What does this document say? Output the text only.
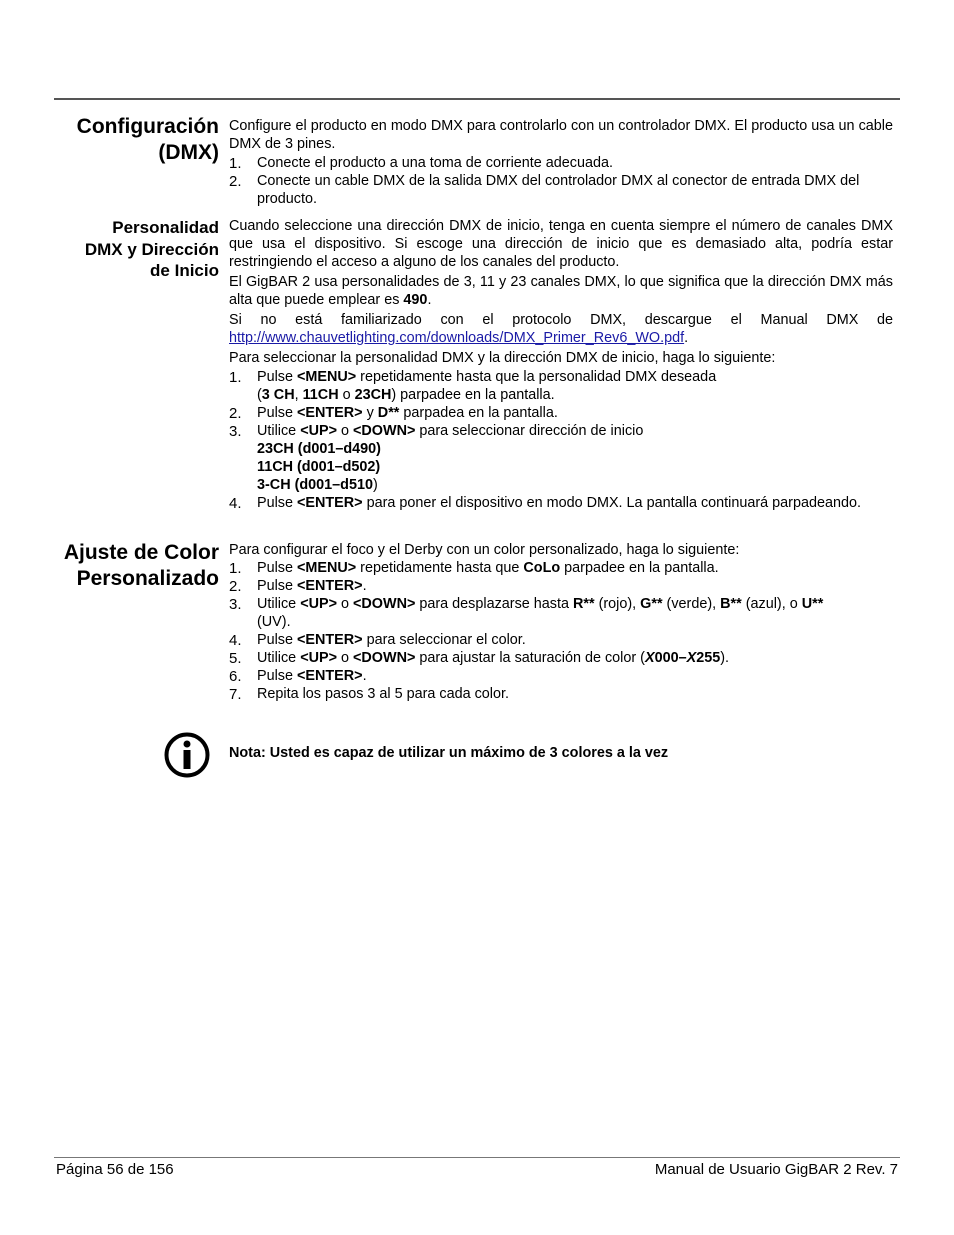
Configuración
(DMX)

Configure el producto en modo DMX para controlarlo con un controlador DMX. El producto usa un cable DMX de 3 pines.

1. Conecte el producto a una toma de corriente adecuada.
2. Conecte un cable DMX de la salida DMX del controlador DMX al conector de entrada DMX del producto.
Personalidad
DMX y Dirección
de Inicio

Cuando seleccione una dirección DMX de inicio, tenga en cuenta siempre el número de canales DMX que usa el dispositivo. Si escoge una dirección de inicio que es demasiado alta, podría estar restringiendo el acceso a alguno de los canales del producto.

El GigBAR 2 usa personalidades de 3, 11 y 23 canales DMX, lo que significa que la dirección DMX más alta que puede emplear es 490.

Si no está familiarizado con el protocolo DMX, descargue el Manual DMX de http://www.chauvetlighting.com/downloads/DMX_Primer_Rev6_WO.pdf.

Para seleccionar la personalidad DMX y la dirección DMX de inicio, haga lo siguiente:

1. Pulse <MENU> repetidamente hasta que la personalidad DMX deseada
(3 CH, 11CH o 23CH) parpadee en la pantalla.
2. Pulse <ENTER> y D** parpadea en la pantalla.
3. Utilice <UP> o <DOWN> para seleccionar dirección de inicio
23CH (d001–d490)
11CH (d001–d502)
3-CH (d001–d510)
4. Pulse <ENTER> para poner el dispositivo en modo DMX. La pantalla continuará parpadeando.
Ajuste de Color
Personalizado

Para configurar el foco y el Derby con un color personalizado, haga lo siguiente:

1. Pulse <MENU> repetidamente hasta que CoLo parpadee en la pantalla.
2. Pulse <ENTER>.
3. Utilice <UP> o <DOWN> para desplazarse hasta R** (rojo), G** (verde), B** (azul), o U**
(UV).
4. Pulse <ENTER> para seleccionar el color.
5. Utilice <UP> o <DOWN> para ajustar la saturación de color (X000–X255).
6. Pulse <ENTER>.
7. Repita los pasos 3 al 5 para cada color.
Nota: Usted es capaz de utilizar un máximo de 3 colores a la vez
Página 56 de 156	Manual de Usuario GigBAR 2 Rev. 7
